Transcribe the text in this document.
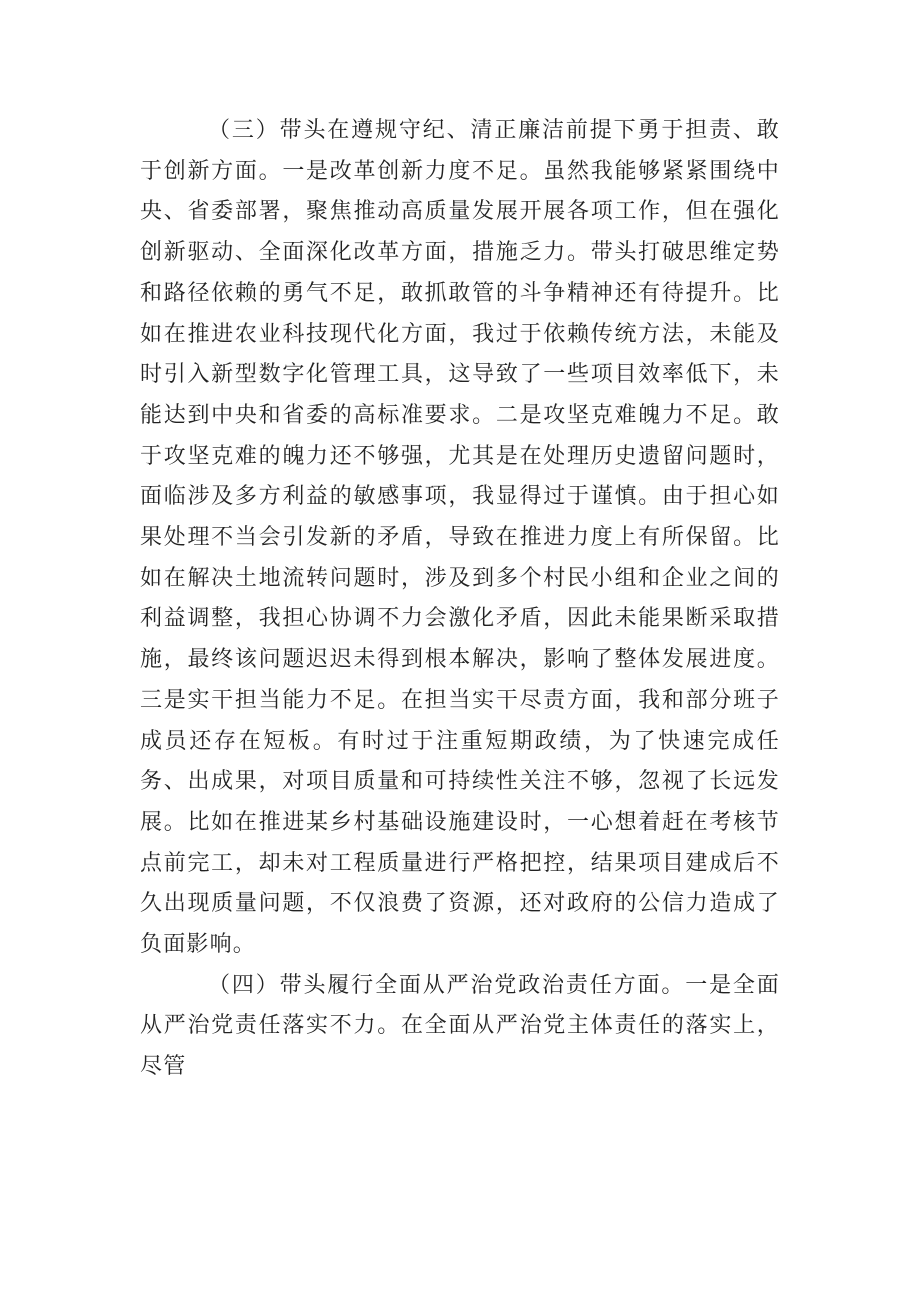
（三）带头在遵规守纪、清正廉洁前提下勇于担责、敢于创新方面。一是改革创新力度不足。虽然我能够紧紧围绕中央、省委部署，聚焦推动高质量发展开展各项工作，但在强化创新驱动、全面深化改革方面，措施乏力。带头打破思维定势和路径依赖的勇气不足，敢抓敢管的斗争精神还有待提升。比如在推进农业科技现代化方面，我过于依赖传统方法，未能及时引入新型数字化管理工具，这导致了一些项目效率低下，未能达到中央和省委的高标准要求。二是攻坚克难魄力不足。敢于攻坚克难的魄力还不够强，尤其是在处理历史遗留问题时，面临涉及多方利益的敏感事项，我显得过于谨慎。由于担心如果处理不当会引发新的矛盾，导致在推进力度上有所保留。比如在解决土地流转问题时，涉及到多个村民小组和企业之间的利益调整，我担心协调不力会激化矛盾，因此未能果断采取措施，最终该问题迟迟未得到根本解决，影响了整体发展进度。三是实干担当能力不足。在担当实干尽责方面，我和部分班子成员还存在短板。有时过于注重短期政绩，为了快速完成任务、出成果，对项目质量和可持续性关注不够，忽视了长远发展。比如在推进某乡村基础设施建设时，一心想着赶在考核节点前完工，却未对工程质量进行严格把控，结果项目建成后不久出现质量问题，不仅浪费了资源，还对政府的公信力造成了负面影响。

（四）带头履行全面从严治党政治责任方面。一是全面从严治党责任落实不力。在全面从严治党主体责任的落实上，尽管
